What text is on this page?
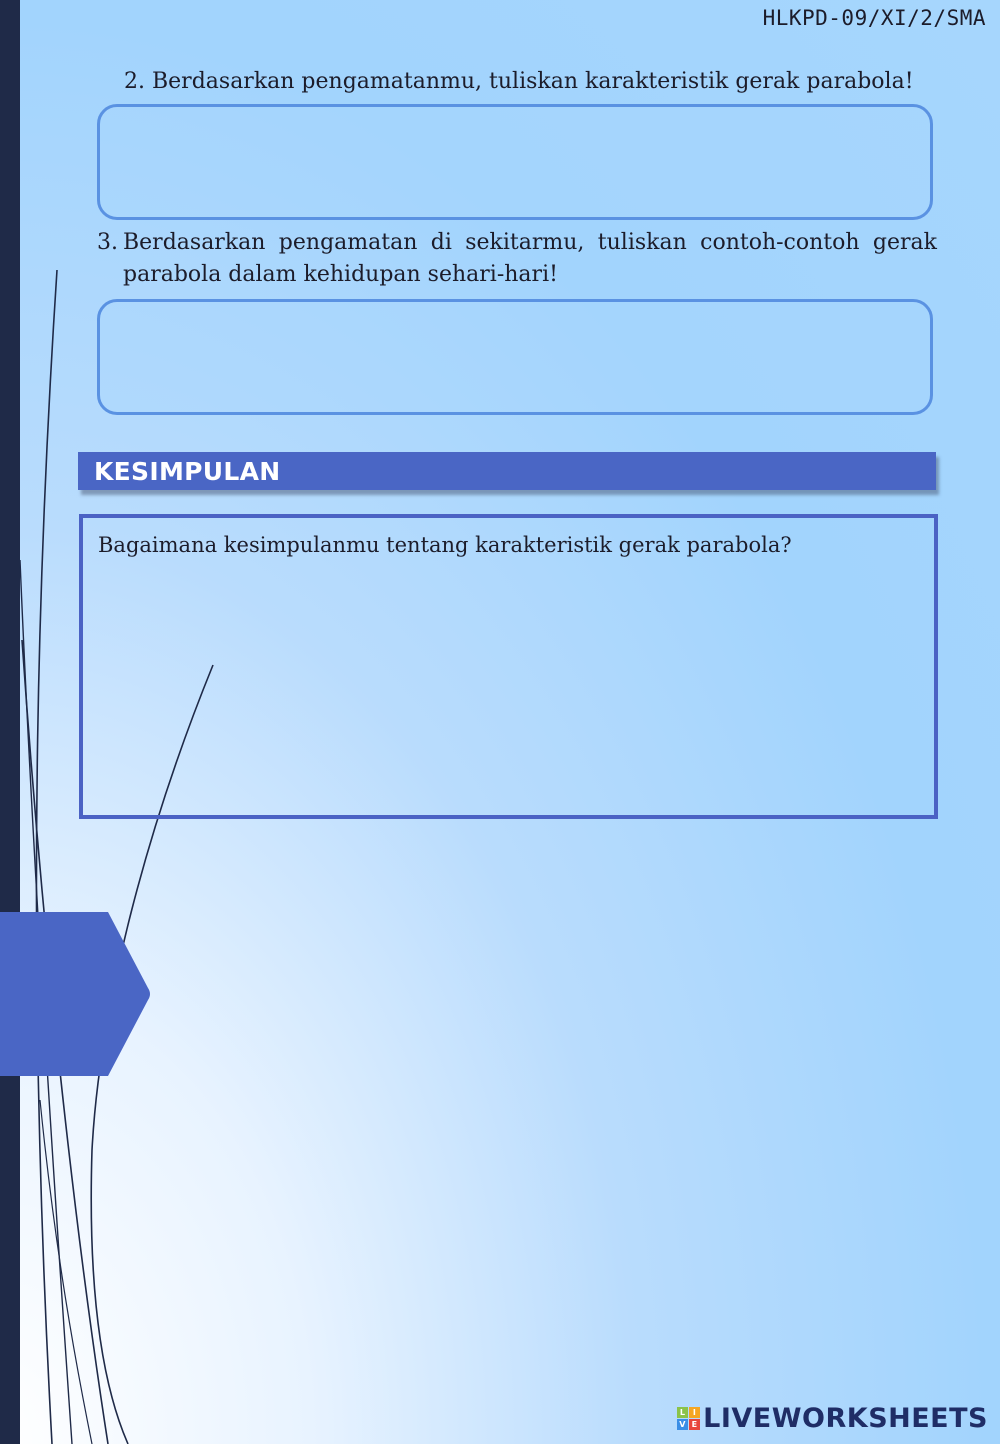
HLKPD-09/XI/2/SMA
2. Berdasarkan pengamatanmu, tuliskan karakteristik gerak parabola!
3. Berdasarkan pengamatan di sekitarmu, tuliskan contoh-contoh gerak parabola dalam kehidupan sehari-hari!
KESIMPULAN
Bagaimana kesimpulanmu tentang karakteristik gerak parabola?
L I
V E LIVEWORKSHEETS
